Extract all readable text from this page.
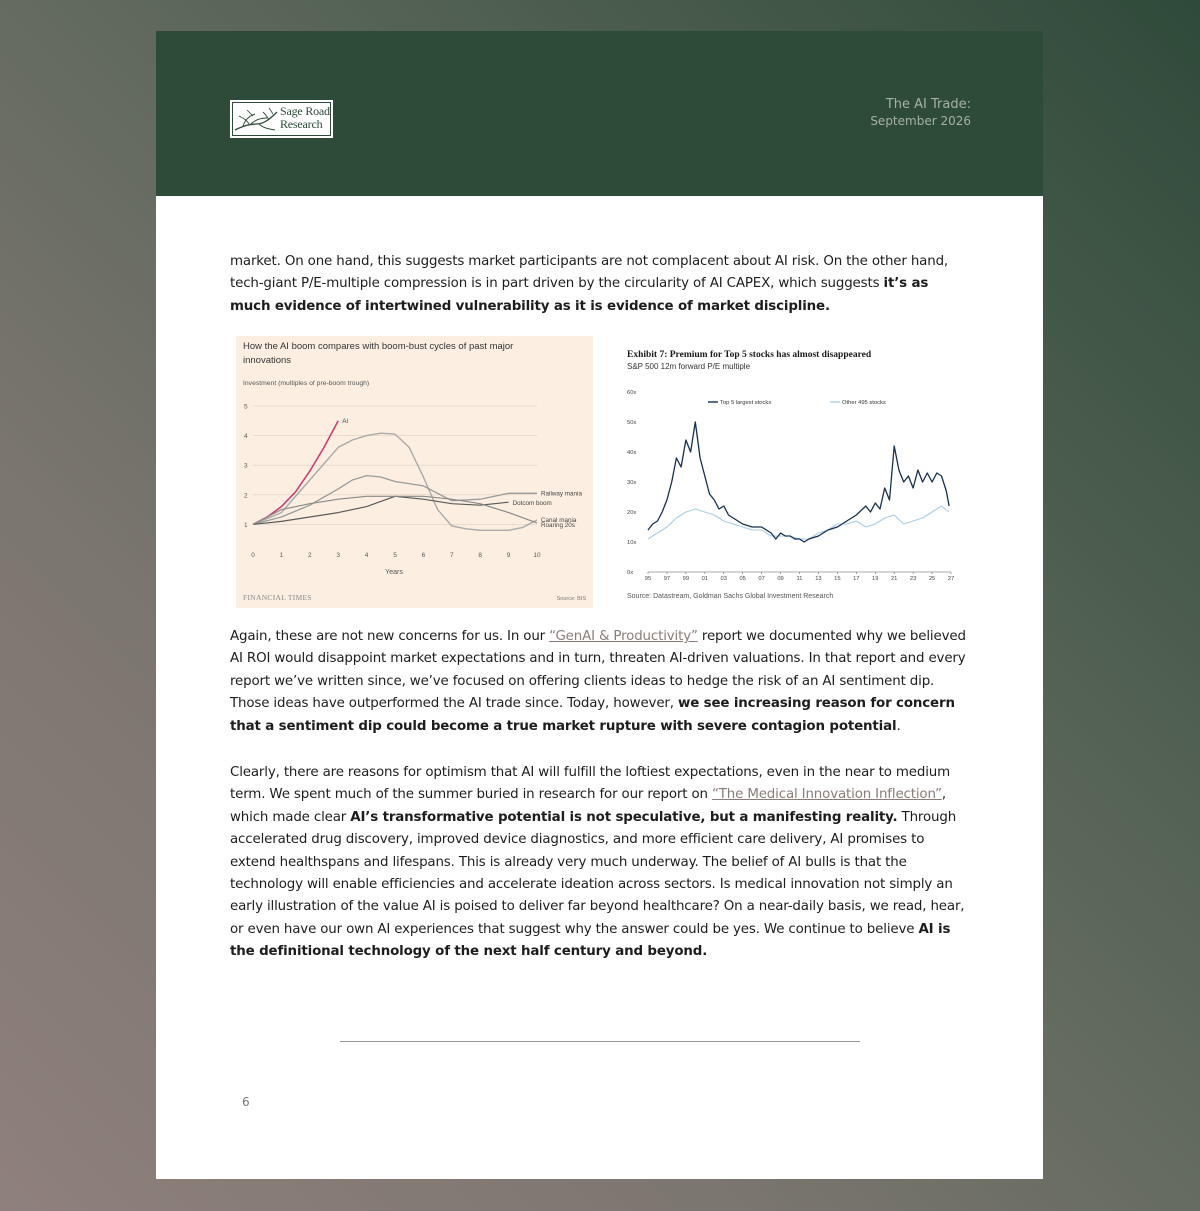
Sage Road
Research
The AI Trade:
September 2026
market. On one hand, this suggests market participants are not complacent about AI risk. On the other hand, tech-giant P/E-multiple compression is in part driven by the circularity of AI CAPEX, which suggests it’s as much evidence of intertwined vulnerability as it is evidence of market discipline.
How the AI boom compares with boom-bust cycles of past major
innovations
Investment (multiples of pre-boom trough)
1
2
3
4
5
0	1	2	3	4	5	6	7	8	9	10
AI
Canal mania
Railway mania
Dotcom boom
Roaring 20s
Years
FINANCIAL TIMES	Source: BIS
Exhibit 7: Premium for Top 5 stocks has almost disappeared
S&P 500 12m forward P/E multiple
0x
10x
20x
30x
40x
50x
60x
95 97 99 01 03 05 07 09 11 13 15 17 19 21 23 25 27
Top 5 largest stocks	Other 495 stocks
Source: Datastream, Goldman Sachs Global Investment Research
Again, these are not new concerns for us. In our “GenAI & Productivity” report we documented why we believed AI ROI would disappoint market expectations and in turn, threaten AI-driven valuations. In that report and every report we’ve written since, we’ve focused on offering clients ideas to hedge the risk of an AI sentiment dip. Those ideas have outperformed the AI trade since. Today, however, we see increasing reason for concern that a sentiment dip could become a true market rupture with severe contagion potential.
Clearly, there are reasons for optimism that AI will fulfill the loftiest expectations, even in the near to medium term. We spent much of the summer buried in research for our report on “The Medical Innovation Inflection”, which made clear AI’s transformative potential is not speculative, but a manifesting reality. Through accelerated drug discovery, improved device diagnostics, and more efficient care delivery, AI promises to extend healthspans and lifespans. This is already very much underway. The belief of AI bulls is that the technology will enable efficiencies and accelerate ideation across sectors. Is medical innovation not simply an early illustration of the value AI is poised to deliver far beyond healthcare? On a near-daily basis, we read, hear, or even have our own AI experiences that suggest why the answer could be yes. We continue to believe AI is the definitional technology of the next half century and beyond.
6
